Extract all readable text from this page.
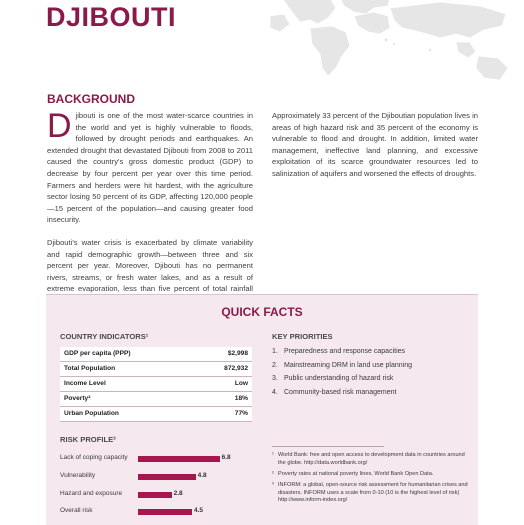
DJIBOUTI
BACKGROUND

Djibouti is one of the most water-scarce countries in the world and yet is highly vulnerable to floods, followed by drought periods and earthquakes. An extended drought that devastated Djibouti from 2008 to 2011 caused the country's gross domestic product (GDP) to decrease by four percent per year over this time period. Farmers and herders were hit hardest, with the agriculture sector losing 50 percent of its GDP, affecting 120,000 people—15 percent of the population—and causing greater food insecurity.

Djibouti's water crisis is exacerbated by climate variability and rapid demographic growth—between three and six percent per year. Moreover, Djibouti has no permanent rivers, streams, or fresh water lakes, and as a result of extreme evaporation, less than five percent of total rainfall

Approximately 33 percent of the Djiboutian population lives in areas of high hazard risk and 35 percent of the economy is vulnerable to flood and drought. In addition, limited water management, ineffective land planning, and excessive exploitation of its scarce groundwater resources led to salinization of aquifers and worsened the effects of droughts.

QUICK FACTS
COUNTRY INDICATORS¹
GDP per capita (PPP)	$2,998
Total Population	872,932
Income Level	Low
Poverty²	18%
Urban Population	77%
KEY PRIORITIES
1. Preparedness and response capacities
2. Mainstreaming DRM in land use planning
3. Public understanding of hazard risk
4. Community-based risk management
RISK PROFILE³
Lack of coping capacity	6.8
Vulnerability	4.8
Hazard and exposure	2.8
Overall risk	4.5
¹ World Bank: free and open access to development data in countries around the globe. http://data.worldbank.org/
² Poverty rates at national poverty lines, World Bank Open Data.
³ INFORM: a global, open-source risk assessment for humanitarian crises and disasters. INFORM uses a scale from 0-10 (10 is the highest level of risk) http://www.inform-index.org/
